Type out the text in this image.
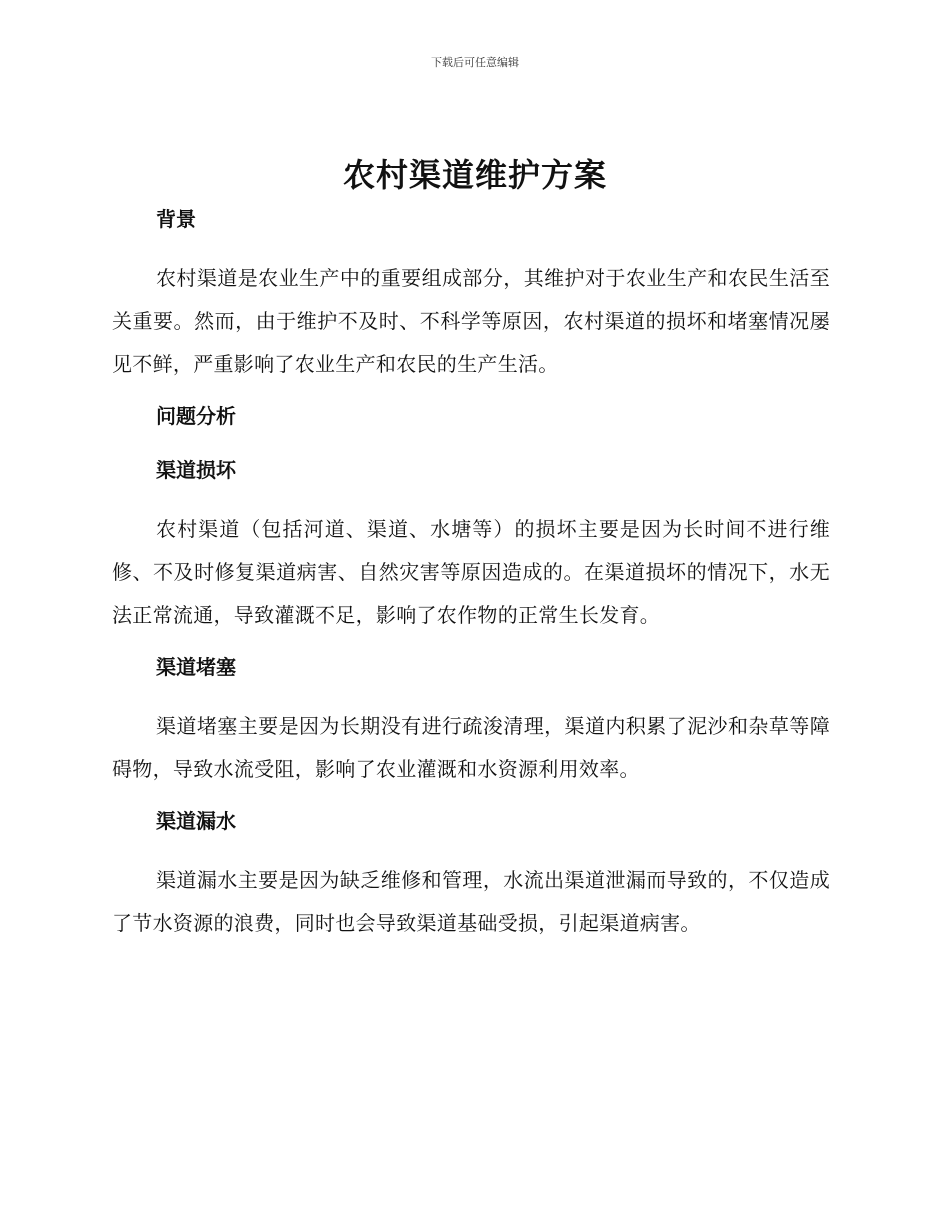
下载后可任意编辑
农村渠道维护方案
背景

农村渠道是农业生产中的重要组成部分，其维护对于农业生产和农民生活至关重要。然而，由于维护不及时、不科学等原因，农村渠道的损坏和堵塞情况屡见不鲜，严重影响了农业生产和农民的生产生活。

问题分析
渠道损坏

农村渠道（包括河道、渠道、水塘等）的损坏主要是因为长时间不进行维修、不及时修复渠道病害、自然灾害等原因造成的。在渠道损坏的情况下，水无法正常流通，导致灌溉不足，影响了农作物的正常生长发育。

渠道堵塞

渠道堵塞主要是因为长期没有进行疏浚清理，渠道内积累了泥沙和杂草等障碍物，导致水流受阻，影响了农业灌溉和水资源利用效率。

渠道漏水

渠道漏水主要是因为缺乏维修和管理，水流出渠道泄漏而导致的，不仅造成了节水资源的浪费，同时也会导致渠道基础受损，引起渠道病害。
